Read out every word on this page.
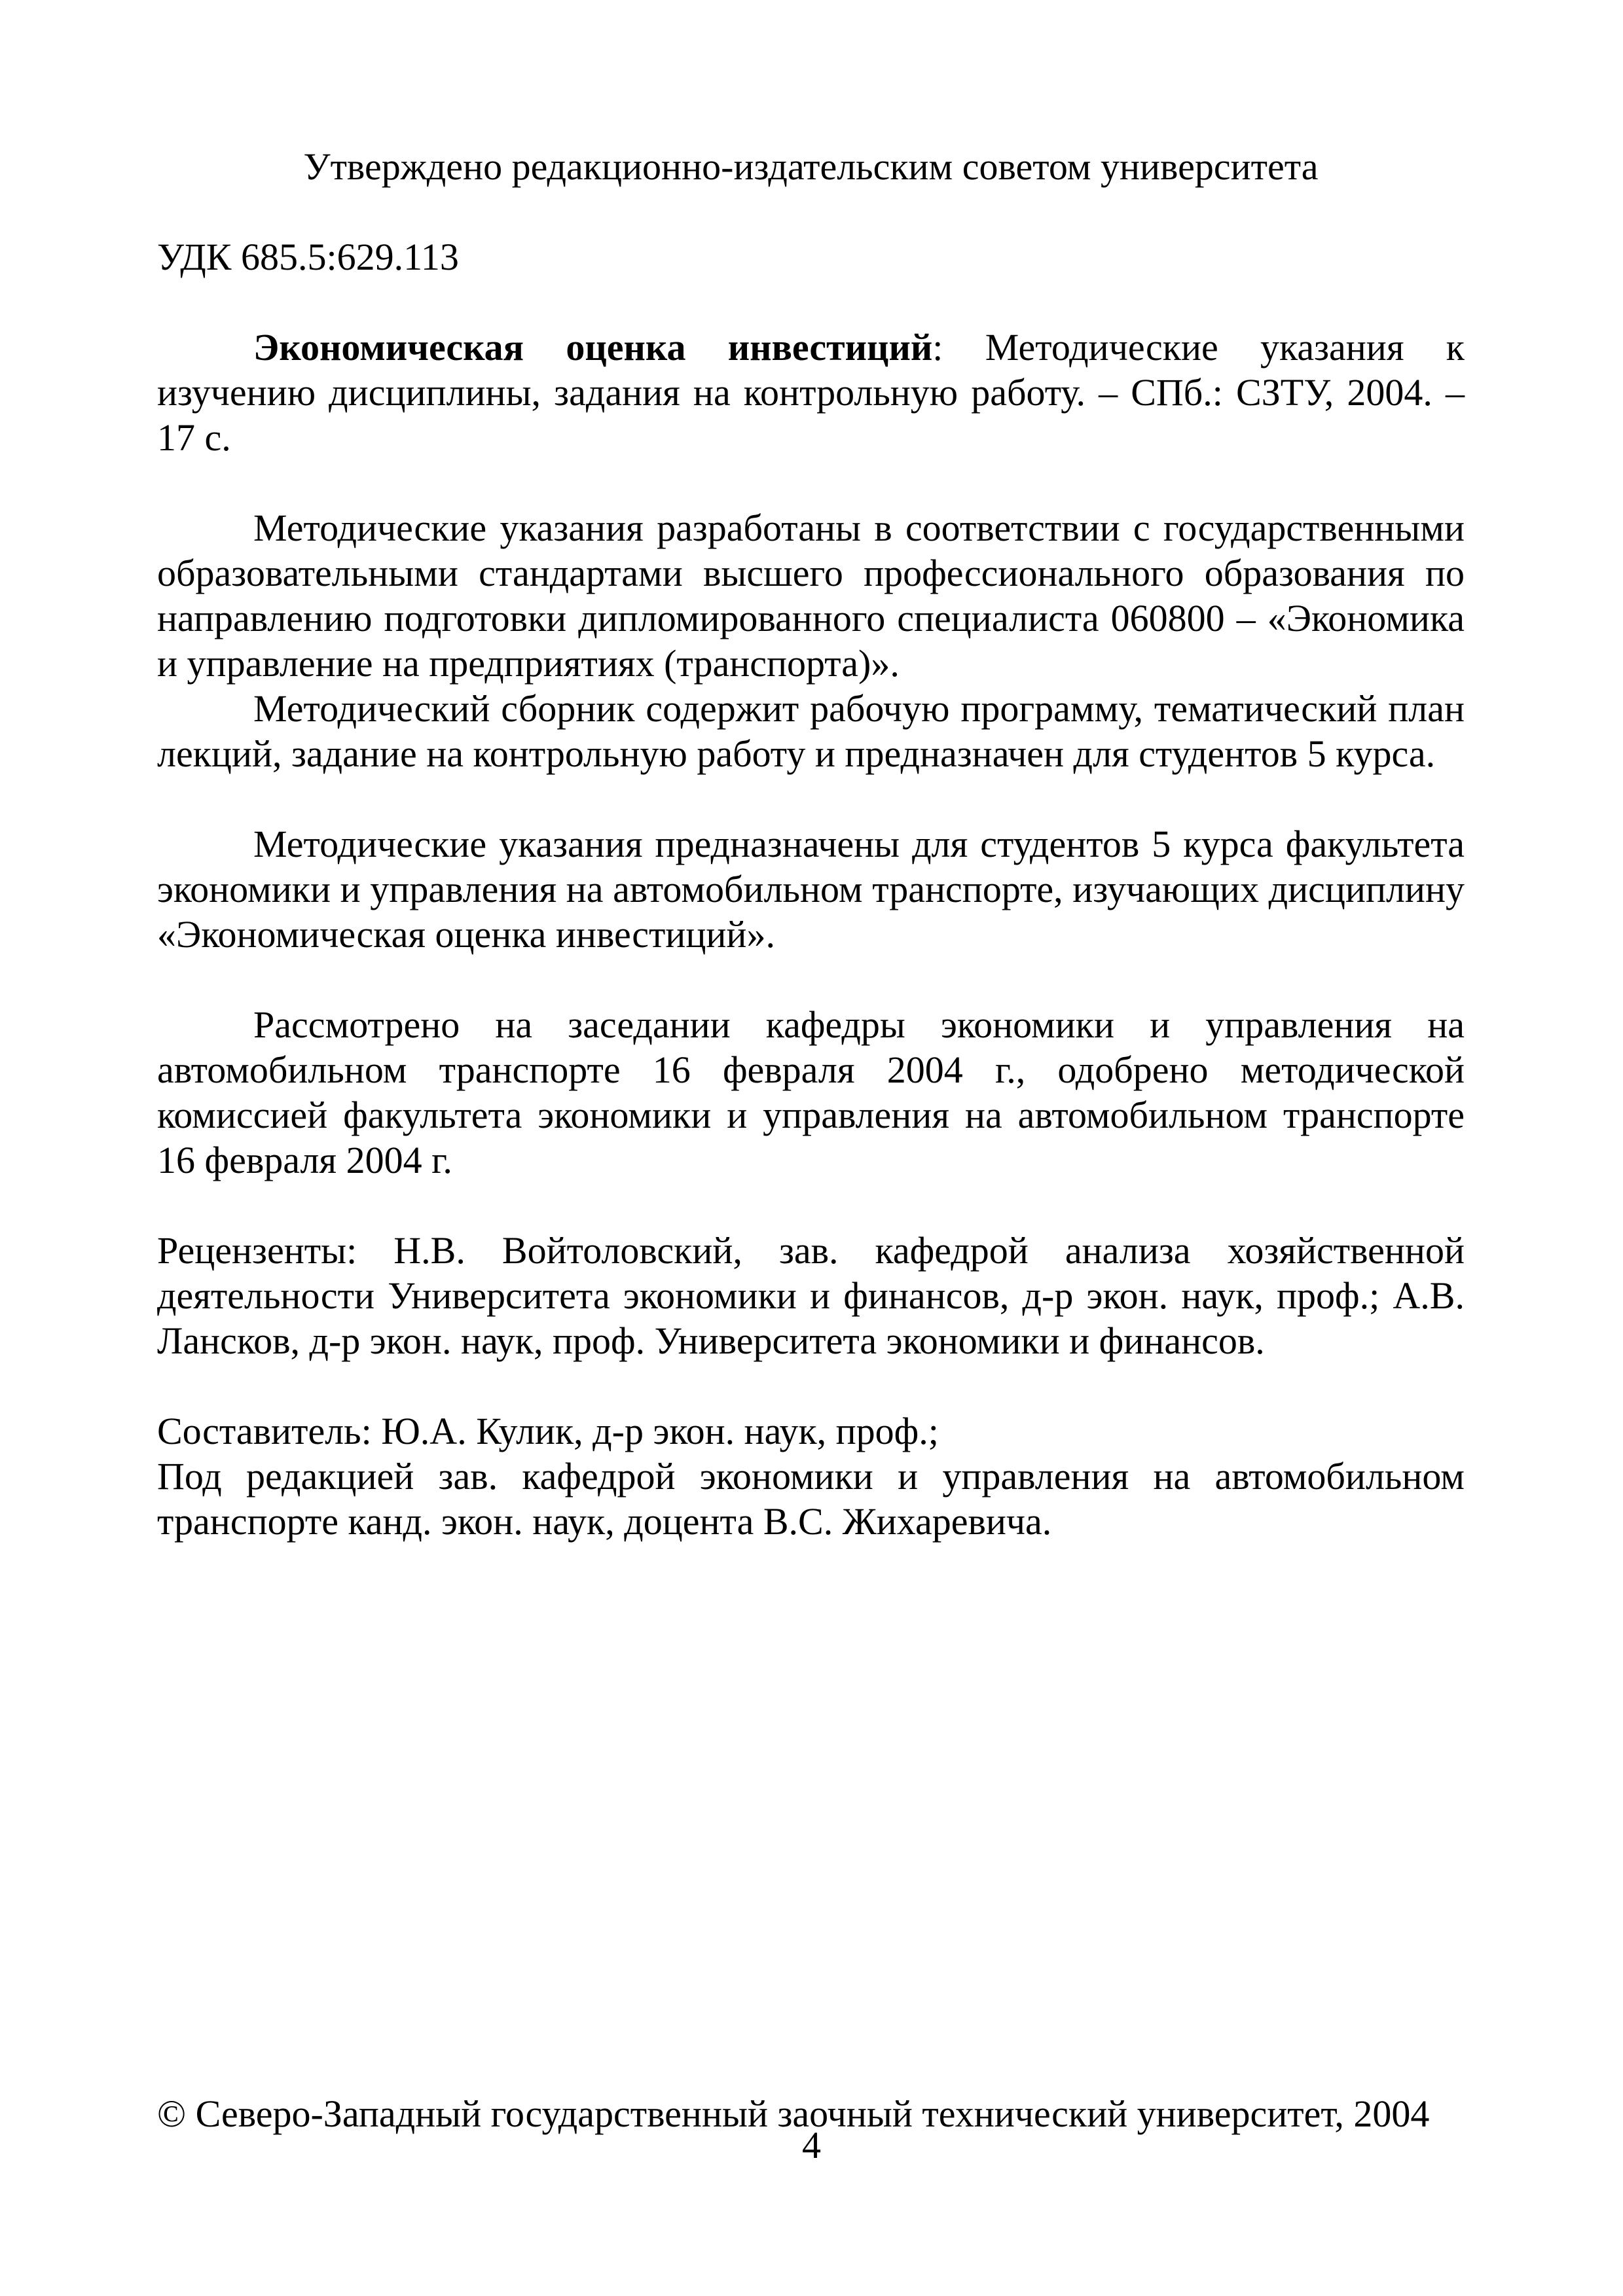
Утверждено редакционно-издательским советом университета

УДК 685.5:629.113

Экономическая оценка инвестиций: Методические указания к изучению дисциплины, задания на контрольную работу. – СПб.: СЗТУ, 2004. – 17 с.

Методические указания разработаны в соответствии с государственными образовательными стандартами высшего профессионального образования по направлению подготовки дипломированного специалиста 060800 – «Экономика и управление на предприятиях (транспорта)».

Методический сборник содержит рабочую программу, тематический план лекций, задание на контрольную работу и предназначен для студентов 5 курса.

Методические указания предназначены для студентов 5 курса факультета экономики и управления на автомобильном транспорте, изучающих дисциплину «Экономическая оценка инвестиций».

Рассмотрено на заседании кафедры экономики и управления на автомобильном транспорте 16 февраля 2004 г., одобрено методической комиссией факультета экономики и управления на автомобильном транспорте 16 февраля 2004 г.

Рецензенты: Н.В. Войтоловский, зав. кафедрой анализа хозяйственной деятельности Университета экономики и финансов, д-р экон. наук, проф.; А.В. Лансков, д-р экон. наук, проф. Университета экономики и финансов.

Составитель: Ю.А. Кулик, д-р экон. наук, проф.;

Под редакцией зав. кафедрой экономики и управления на автомобильном транспорте канд. экон. наук, доцента В.С. Жихаревича.

© Северо-Западный государственный заочный технический университет, 2004

4
